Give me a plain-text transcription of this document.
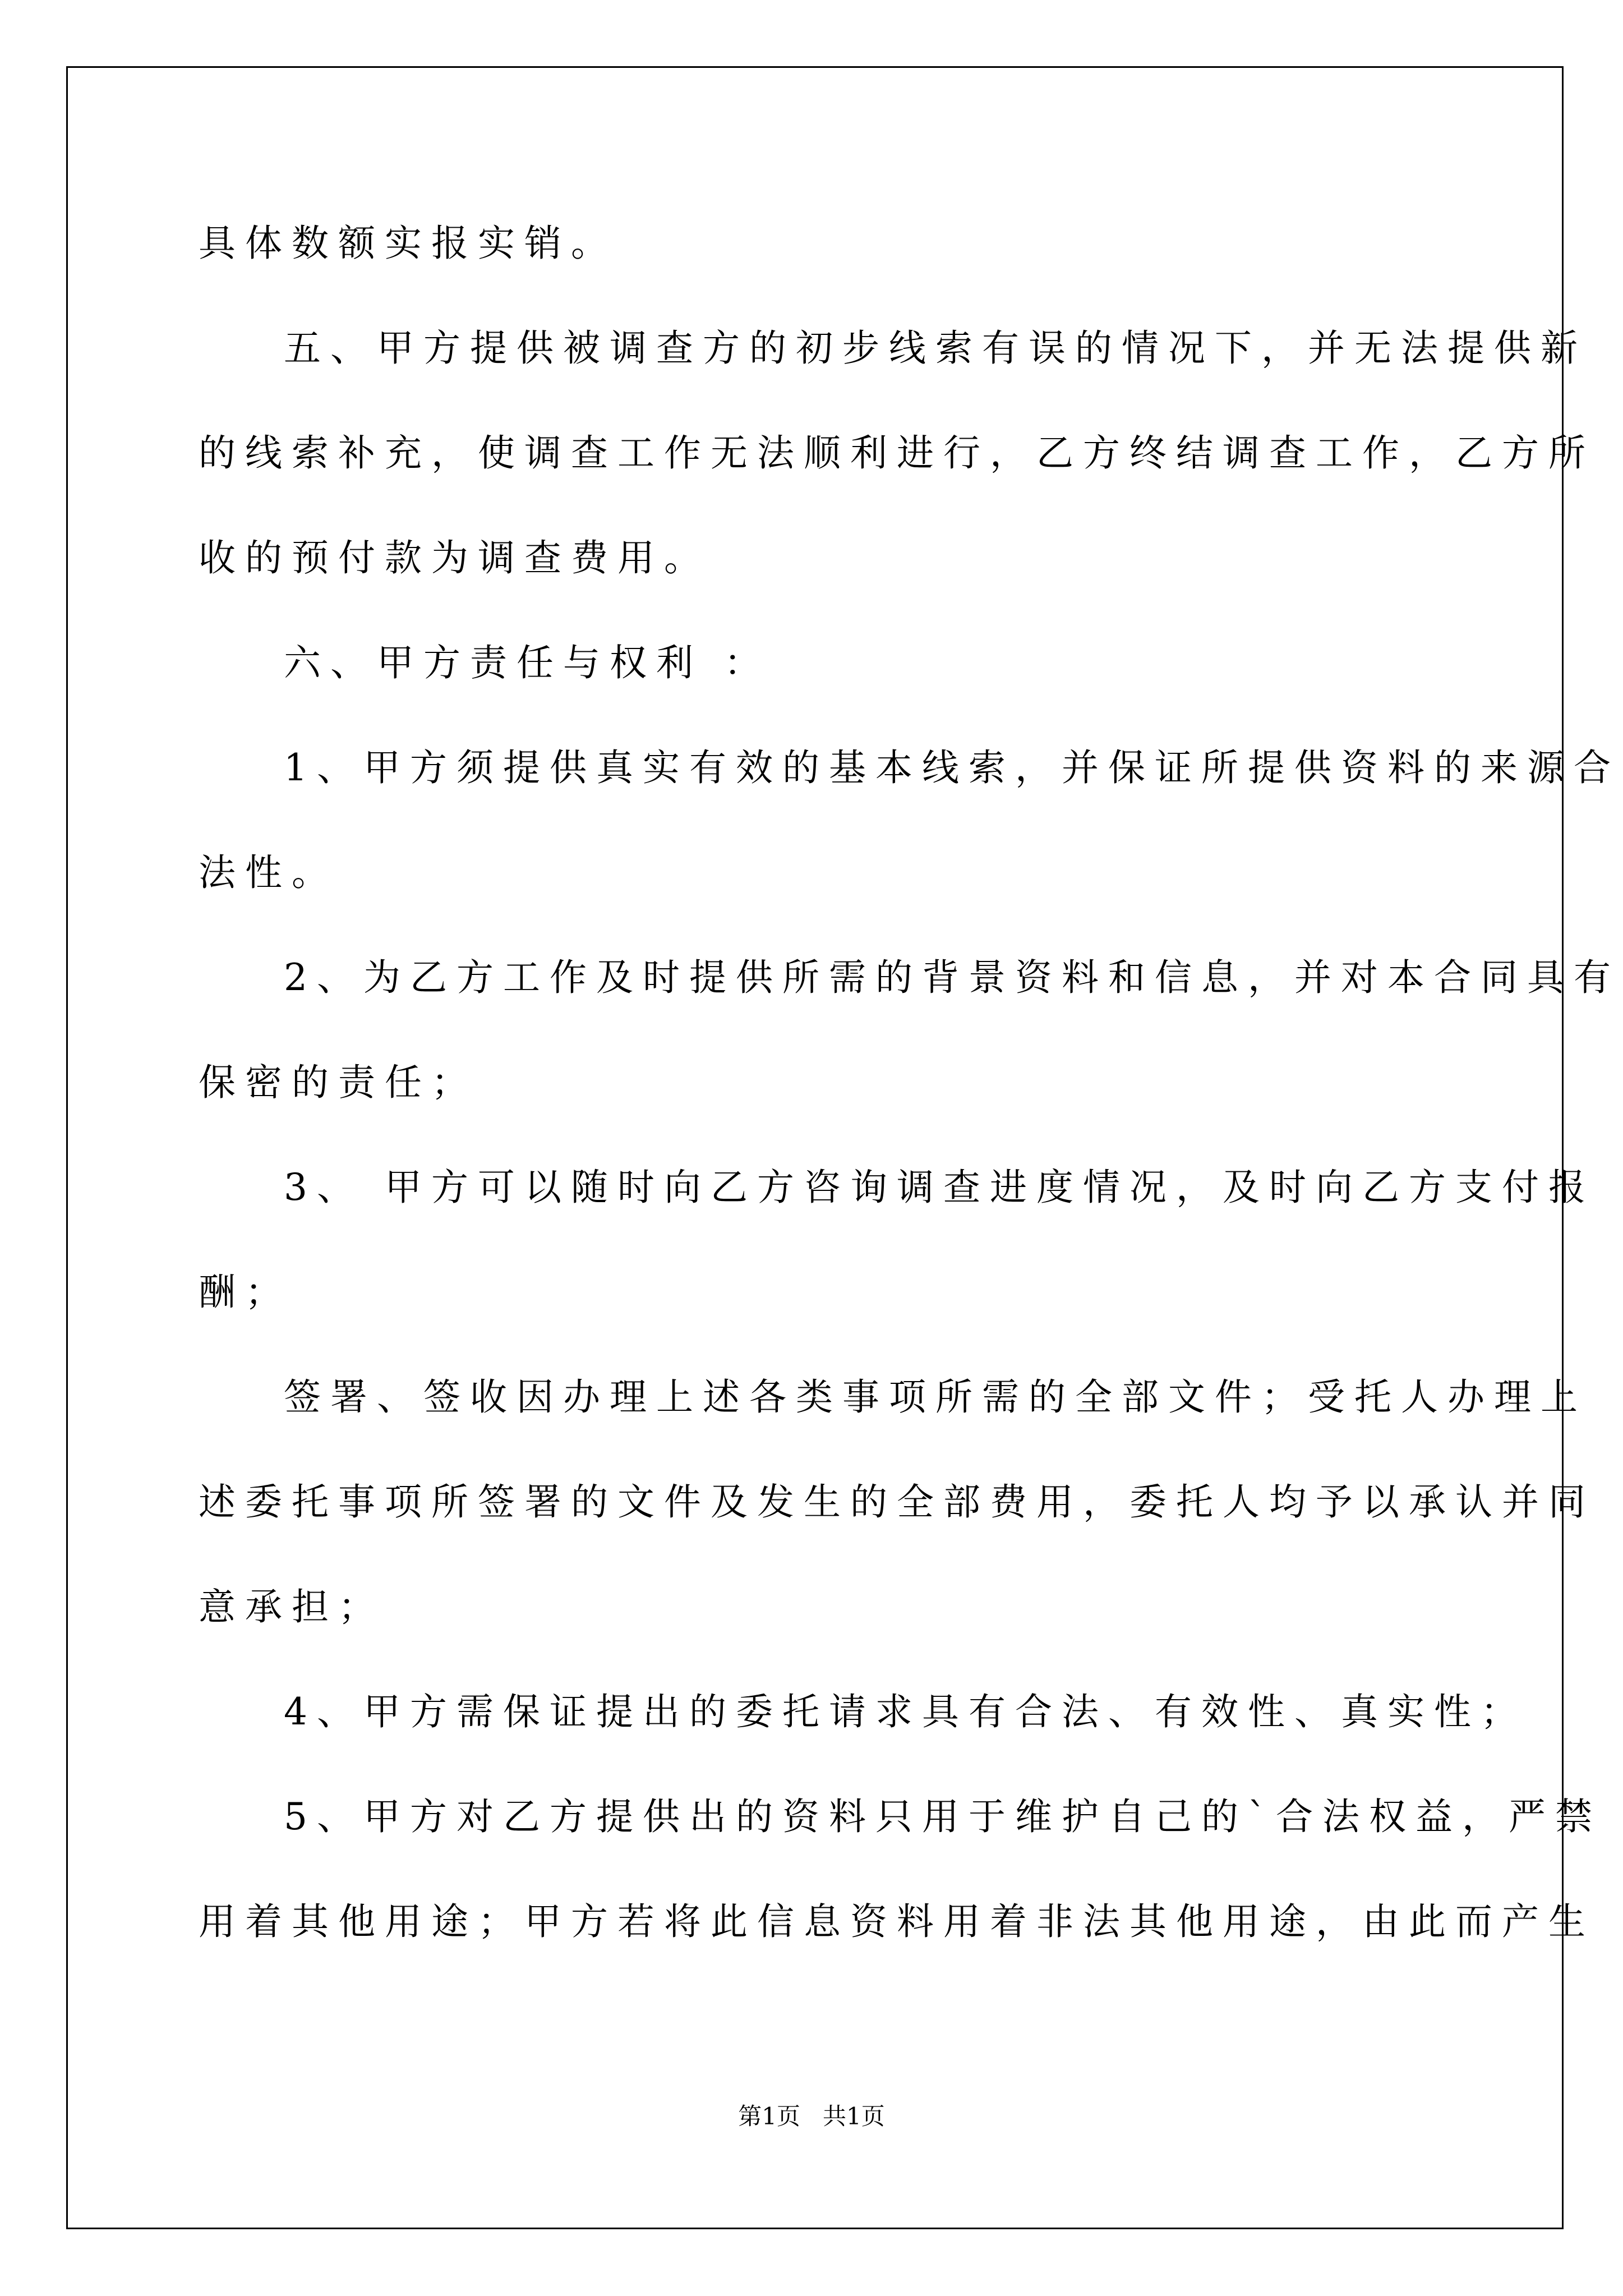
具体数额实报实销。
五、甲方提供被调查方的初步线索有误的情况下，并无法提供新
的线索补充，使调查工作无法顺利进行，乙方终结调查工作，乙方所
收的预付款为调查费用。
六、甲方责任与权利 ：
1、甲方须提供真实有效的基本线索，并保证所提供资料的来源合
法性。
2、为乙方工作及时提供所需的背景资料和信息，并对本合同具有
保密的责任；
3、 甲方可以随时向乙方咨询调查进度情况，及时向乙方支付报
酬；
签署、签收因办理上述各类事项所需的全部文件；受托人办理上
述委托事项所签署的文件及发生的全部费用，委托人均予以承认并同
意承担；
4、甲方需保证提出的委托请求具有合法、有效性、真实性；
5、甲方对乙方提供出的资料只用于维护自己的`合法权益，严禁
用着其他用途；甲方若将此信息资料用着非法其他用途，由此而产生
第1页   共1页
